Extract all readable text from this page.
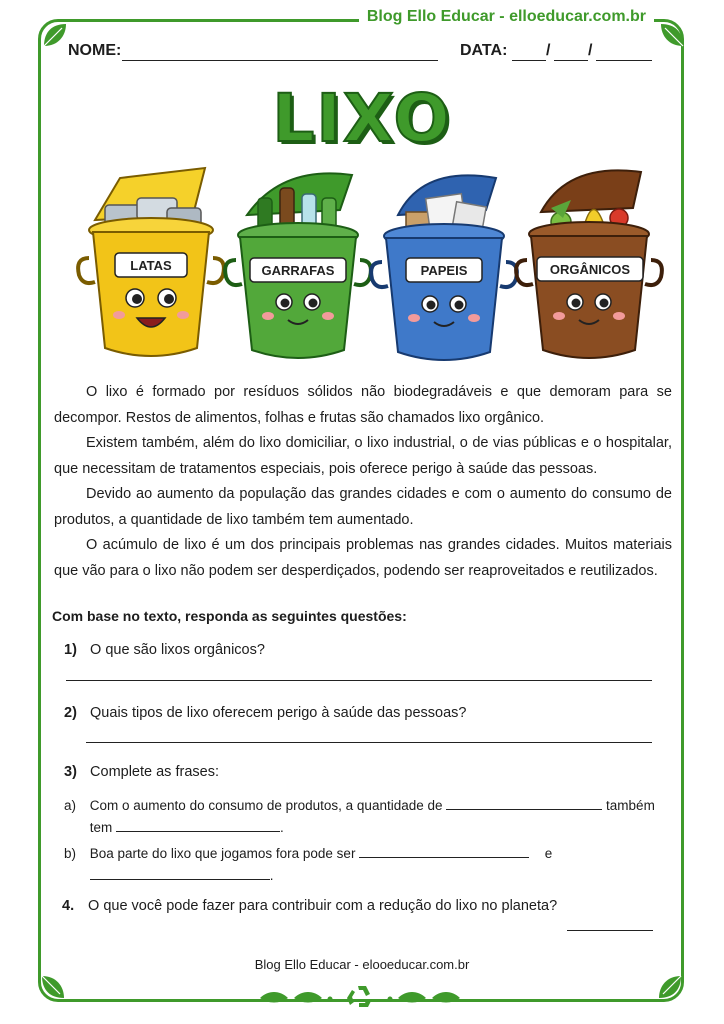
Blog Ello Educar - elloeducar.com.br
NOME:	DATA: / /
LIXO
LATAS	GARRAFAS	PAPEIS	ORGÂNICOS

O lixo é formado por resíduos sólidos não biodegradáveis e que demoram para se decompor. Restos de alimentos, folhas e frutas são chamados lixo orgânico.

Existem também, além do lixo domiciliar, o lixo industrial, o de vias públicas e o hospitalar, que necessitam de tratamentos especiais, pois oferece perigo à saúde das pessoas.

Devido ao aumento da população das grandes cidades e com o aumento do consumo de produtos, a quantidade de lixo também tem aumentado.

O acúmulo de lixo é um dos principais problemas nas grandes cidades. Muitos materiais que vão para o lixo não podem ser desperdiçados, podendo ser reaproveitados e reutilizados.

Com base no texto, responda as seguintes questões:
1) O que são lixos orgânicos?
2) Quais tipos de lixo oferecem perigo à saúde das pessoas?
3) Complete as frases:
a) Com o aumento do consumo de produtos, a quantidade de	também
tem	.
b) Boa parte do lixo que jogamos fora pode ser	e
.
4. O que você pode fazer para contribuir com a redução do lixo no planeta?
Blog Ello Educar - elooeducar.com.br
